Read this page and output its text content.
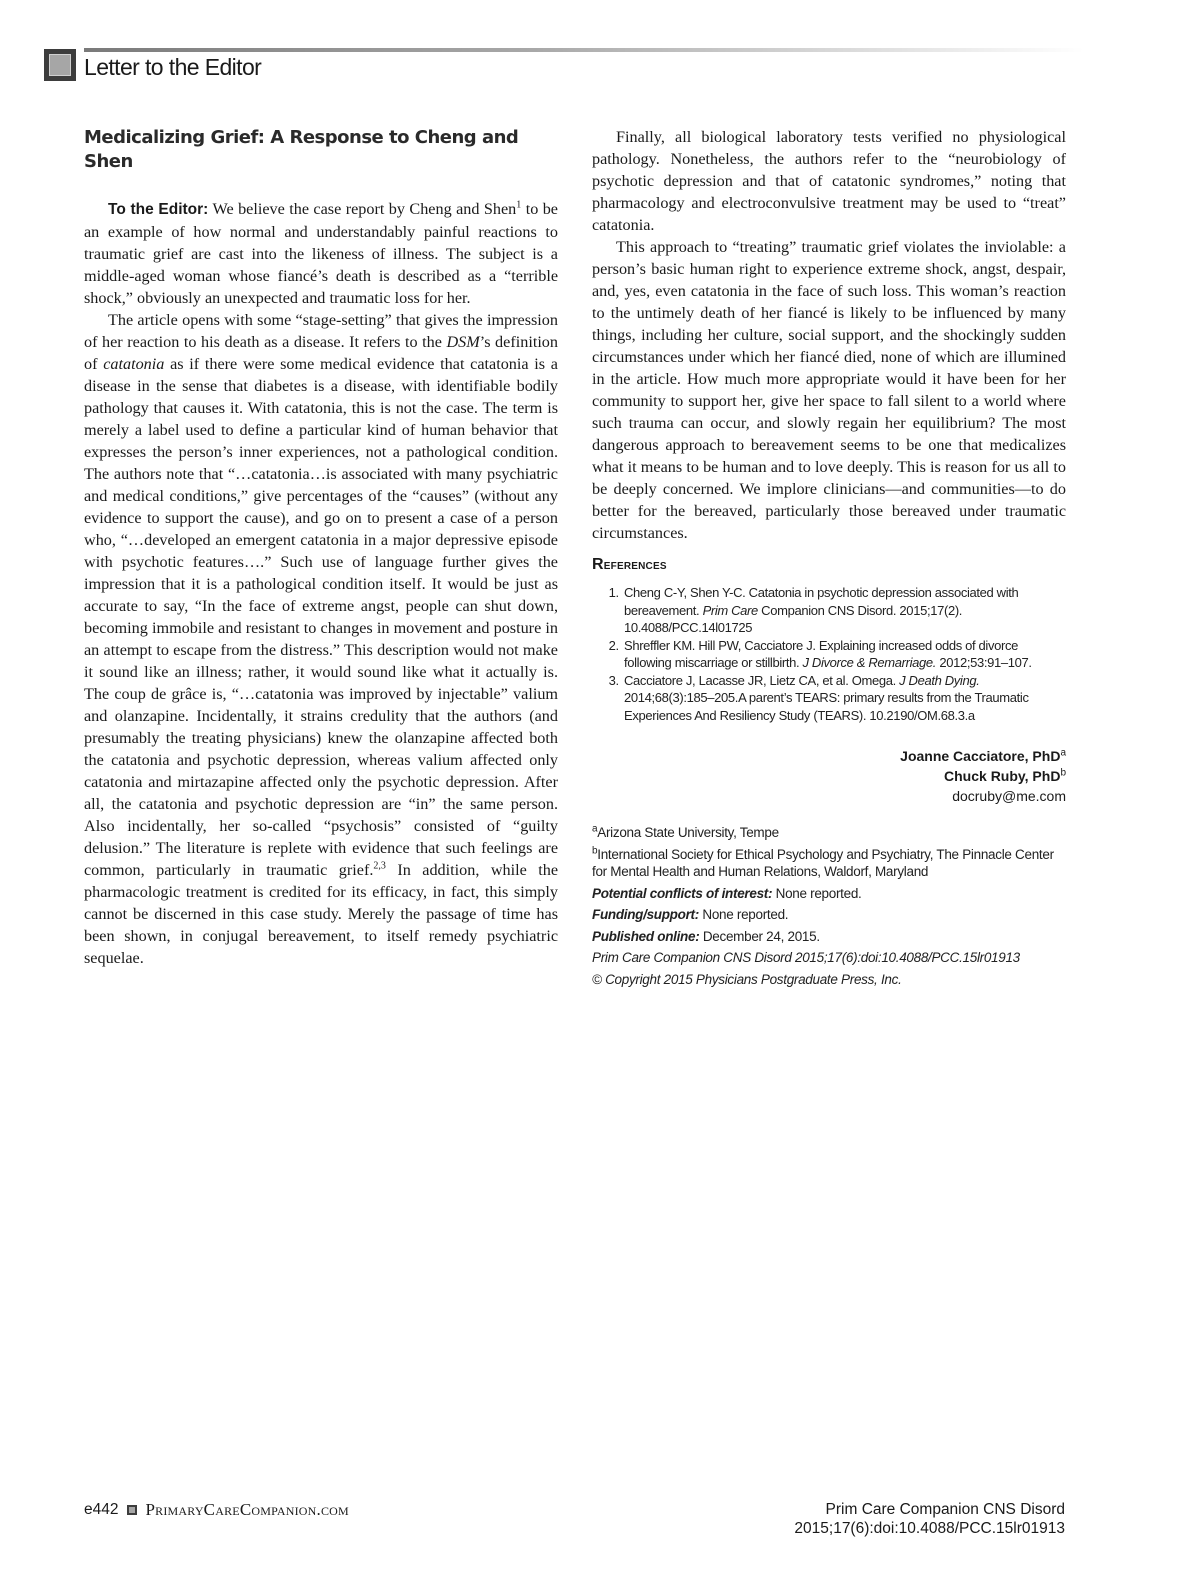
Letter to the Editor
Medicalizing Grief: A Response to Cheng and Shen

To the Editor: We believe the case report by Cheng and Shen$^1$ to be an example of how normal and understandably painful reactions to traumatic grief are cast into the likeness of illness. The subject is a middle-aged woman whose fiancé’s death is described as a “terrible shock,” obviously an unexpected and traumatic loss for her.

The article opens with some “stage-setting” that gives the impression of her reaction to his death as a disease. It refers to the DSM’s definition of catatonia as if there were some medical evidence that catatonia is a disease in the sense that diabetes is a disease, with identifiable bodily pathology that causes it. With catatonia, this is not the case. The term is merely a label used to define a particular kind of human behavior that expresses the person’s inner experiences, not a pathological condition. The authors note that “…catatonia…is associated with many psychiatric and medical conditions,” give percentages of the “causes” (without any evidence to support the cause), and go on to present a case of a person who, “…developed an emergent catatonia in a major depressive episode with psychotic features….” Such use of language further gives the impression that it is a pathological condition itself. It would be just as accurate to say, “In the face of extreme angst, people can shut down, becoming immobile and resistant to changes in movement and posture in an attempt to escape from the distress.” This description would not make it sound like an illness; rather, it would sound like what it actually is. The coup de grâce is, “…catatonia was improved by injectable” valium and olanzapine. Incidentally, it strains credulity that the authors (and presumably the treating physicians) knew the olanzapine affected both the catatonia and psychotic depression, whereas valium affected only catatonia and mirtazapine affected only the psychotic depression. After all, the catatonia and psychotic depression are “in” the same person. Also incidentally, her so-called “psychosis” consisted of “guilty delusion.” The literature is replete with evidence that such feelings are common, particularly in traumatic grief.$^{2,3}$ In addition, while the pharmacologic treatment is credited for its efficacy, in fact, this simply cannot be discerned in this case study. Merely the passage of time has been shown, in conjugal bereavement, to itself remedy psychiatric sequelae.

Finally, all biological laboratory tests verified no physiological pathology. Nonetheless, the authors refer to the “neurobiology of psychotic depression and that of catatonic syndromes,” noting that pharmacology and electroconvulsive treatment may be used to “treat” catatonia.

This approach to “treating” traumatic grief violates the inviolable: a person’s basic human right to experience extreme shock, angst, despair, and, yes, even catatonia in the face of such loss. This woman’s reaction to the untimely death of her fiancé is likely to be influenced by many things, including her culture, social support, and the shockingly sudden circumstances under which her fiancé died, none of which are illumined in the article. How much more appropriate would it have been for her community to support her, give her space to fall silent to a world where such trauma can occur, and slowly regain her equilibrium? The most dangerous approach to bereavement seems to be one that medicalizes what it means to be human and to love deeply. This is reason for us all to be deeply concerned. We implore clinicians—and communities—to do better for the bereaved, particularly those bereaved under traumatic circumstances.

References
1. Cheng C-Y, Shen Y-C. Catatonia in psychotic depression associated with bereavement. Prim Care Companion CNS Disord. 2015;17(2). 10.4088/PCC.14l01725
2. Shreffler KM. Hill PW, Cacciatore J. Explaining increased odds of divorce following miscarriage or stillbirth. J Divorce & Remarriage. 2012;53:91–107.
3. Cacciatore J, Lacasse JR, Lietz CA, et al. Omega. J Death Dying. 2014;68(3):185–205.A parent’s TEARS: primary results from the Traumatic Experiences And Resiliency Study (TEARS). 10.2190/OM.68.3.a
Joanne Cacciatore, PhD$^a$
Chuck Ruby, PhD$^b$
docruby@me.com
$^a$Arizona State University, Tempe
$^b$International Society for Ethical Psychology and Psychiatry, The Pinnacle Center for Mental Health and Human Relations, Waldorf, Maryland
Potential conflicts of interest: None reported.
Funding/support: None reported.
Published online: December 24, 2015.
Prim Care Companion CNS Disord 2015;17(6):doi:10.4088/PCC.15lr01913
© Copyright 2015 Physicians Postgraduate Press, Inc.
e442 PrimaryCareCompanion.com	Prim Care Companion CNS Disord
2015;17(6):doi:10.4088/PCC.15lr01913
